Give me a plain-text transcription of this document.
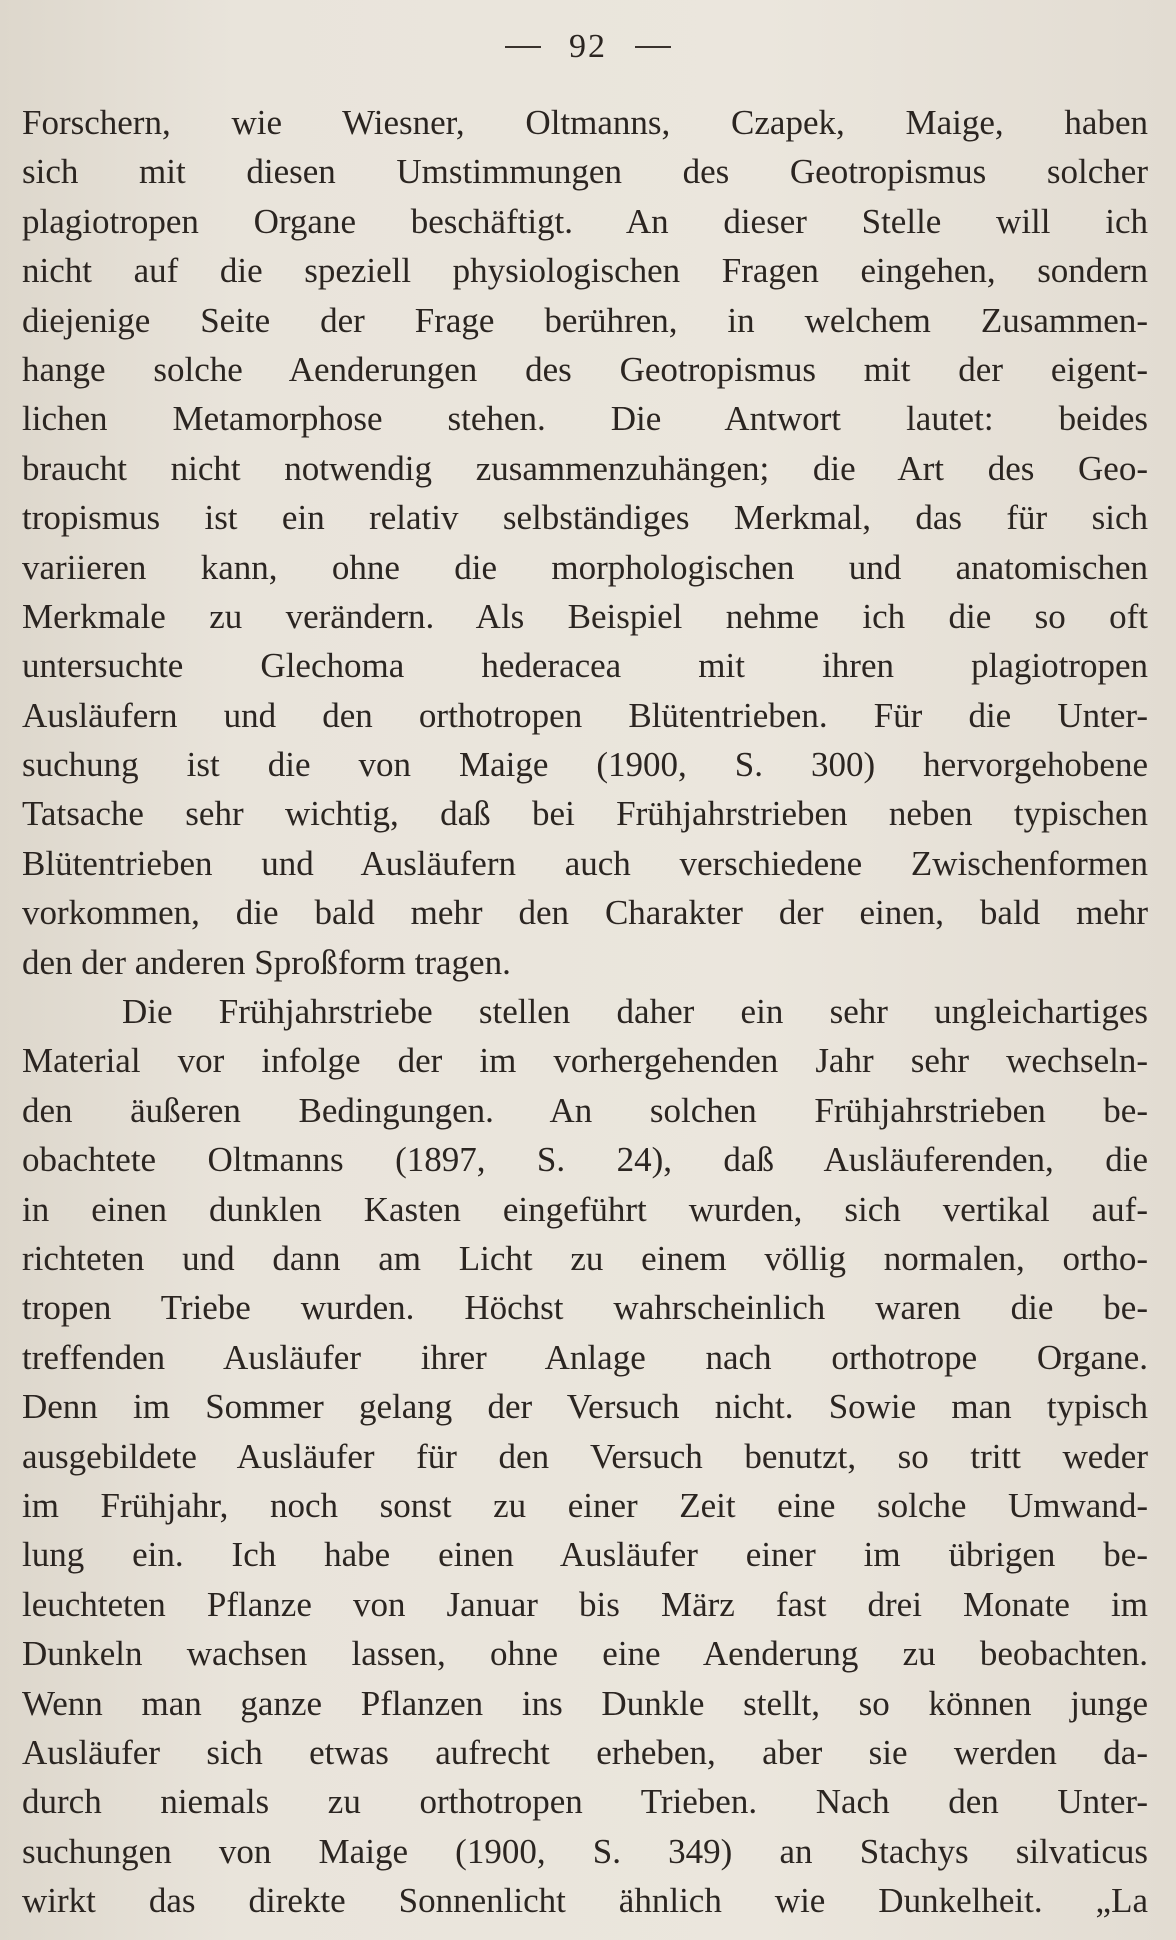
92
Forschern, wie Wiesner, Oltmanns, Czapek, Maige, haben
sich mit diesen Umstimmungen des Geotropismus solcher
plagiotropen Organe beschäftigt. An dieser Stelle will ich
nicht auf die speziell physiologischen Fragen eingehen, sondern
diejenige Seite der Frage berühren, in welchem Zusammen-
hange solche Aenderungen des Geotropismus mit der eigent-
lichen Metamorphose stehen. Die Antwort lautet: beides
braucht nicht notwendig zusammenzuhängen; die Art des Geo-
tropismus ist ein relativ selbständiges Merkmal, das für sich
variieren kann, ohne die morphologischen und anatomischen
Merkmale zu verändern. Als Beispiel nehme ich die so oft
untersuchte Glechoma hederacea mit ihren plagiotropen
Ausläufern und den orthotropen Blütentrieben. Für die Unter-
suchung ist die von Maige (1900, S. 300) hervorgehobene
Tatsache sehr wichtig, daß bei Frühjahrstrieben neben typischen
Blütentrieben und Ausläufern auch verschiedene Zwischenformen
vorkommen, die bald mehr den Charakter der einen, bald mehr
den der anderen Sproßform tragen.
Die Frühjahrstriebe stellen daher ein sehr ungleichartiges
Material vor infolge der im vorhergehenden Jahr sehr wechseln-
den äußeren Bedingungen. An solchen Frühjahrstrieben be-
obachtete Oltmanns (1897, S. 24), daß Ausläuferenden, die
in einen dunklen Kasten eingeführt wurden, sich vertikal auf-
richteten und dann am Licht zu einem völlig normalen, ortho-
tropen Triebe wurden. Höchst wahrscheinlich waren die be-
treffenden Ausläufer ihrer Anlage nach orthotrope Organe.
Denn im Sommer gelang der Versuch nicht. Sowie man typisch
ausgebildete Ausläufer für den Versuch benutzt, so tritt weder
im Frühjahr, noch sonst zu einer Zeit eine solche Umwand-
lung ein. Ich habe einen Ausläufer einer im übrigen be-
leuchteten Pflanze von Januar bis März fast drei Monate im
Dunkeln wachsen lassen, ohne eine Aenderung zu beobachten.
Wenn man ganze Pflanzen ins Dunkle stellt, so können junge
Ausläufer sich etwas aufrecht erheben, aber sie werden da-
durch niemals zu orthotropen Trieben. Nach den Unter-
suchungen von Maige (1900, S. 349) an Stachys silvaticus
wirkt das direkte Sonnenlicht ähnlich wie Dunkelheit. „La
